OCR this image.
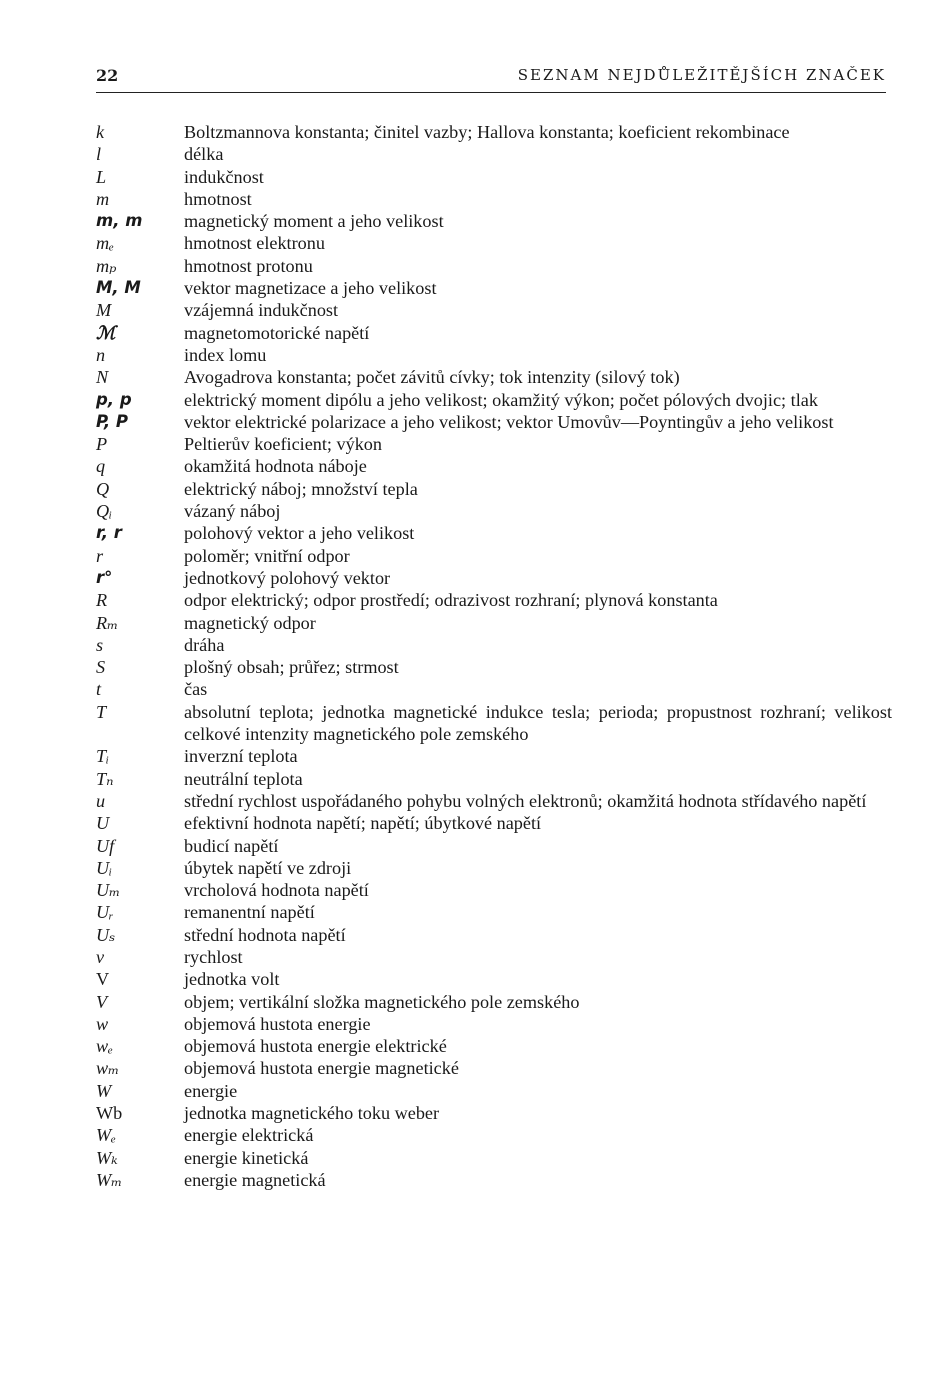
22	SEZNAM NEJDŮLEŽITĚJŠÍCH ZNAČEK
k	Boltzmannova konstanta; činitel vazby; Hallova konstanta; koeficient rekombinace
l	délka
L	indukčnost
m	hmotnost
m, m	magnetický moment a jeho velikost
mₑ	hmotnost elektronu
mₚ	hmotnost protonu
M, M	vektor magnetizace a jeho velikost
M	vzájemná indukčnost
ℳ	magnetomotorické napětí
n	index lomu
N	Avogadrova konstanta; počet závitů cívky; tok intenzity (silový tok)
p, p	elektrický moment dipólu a jeho velikost; okamžitý výkon; počet pólových dvojic; tlak
P, P	vektor elektrické polarizace a jeho velikost; vektor Umovův—Poyntingův a jeho velikost
P	Peltierův koeficient; výkon
q	okamžitá hodnota náboje
Q	elektrický náboj; množství tepla
Qᵢ	vázaný náboj
r, r	polohový vektor a jeho velikost
r	poloměr; vnitřní odpor
r°	jednotkový polohový vektor
R	odpor elektrický; odpor prostředí; odrazivost rozhraní; plynová konstanta
Rₘ	magnetický odpor
s	dráha
S	plošný obsah; průřez; strmost
t	čas
T	absolutní teplota; jednotka magnetické indukce tesla; perioda; propustnost rozhraní; velikost celkové intenzity magnetického pole zemského
Tᵢ	inverzní teplota
Tₙ	neutrální teplota
u	střední rychlost uspořádaného pohybu volných elektronů; okamžitá hodnota střídavého napětí
U	efektivní hodnota napětí; napětí; úbytkové napětí
Uf	budicí napětí
Uᵢ	úbytek napětí ve zdroji
Uₘ	vrcholová hodnota napětí
Uᵣ	remanentní napětí
Uₛ	střední hodnota napětí
v	rychlost
V	jednotka volt
V	objem; vertikální složka magnetického pole zemského
w	objemová hustota energie
wₑ	objemová hustota energie elektrické
wₘ	objemová hustota energie magnetické
W	energie
Wb	jednotka magnetického toku weber
Wₑ	energie elektrická
Wₖ	energie kinetická
Wₘ	energie magnetická
